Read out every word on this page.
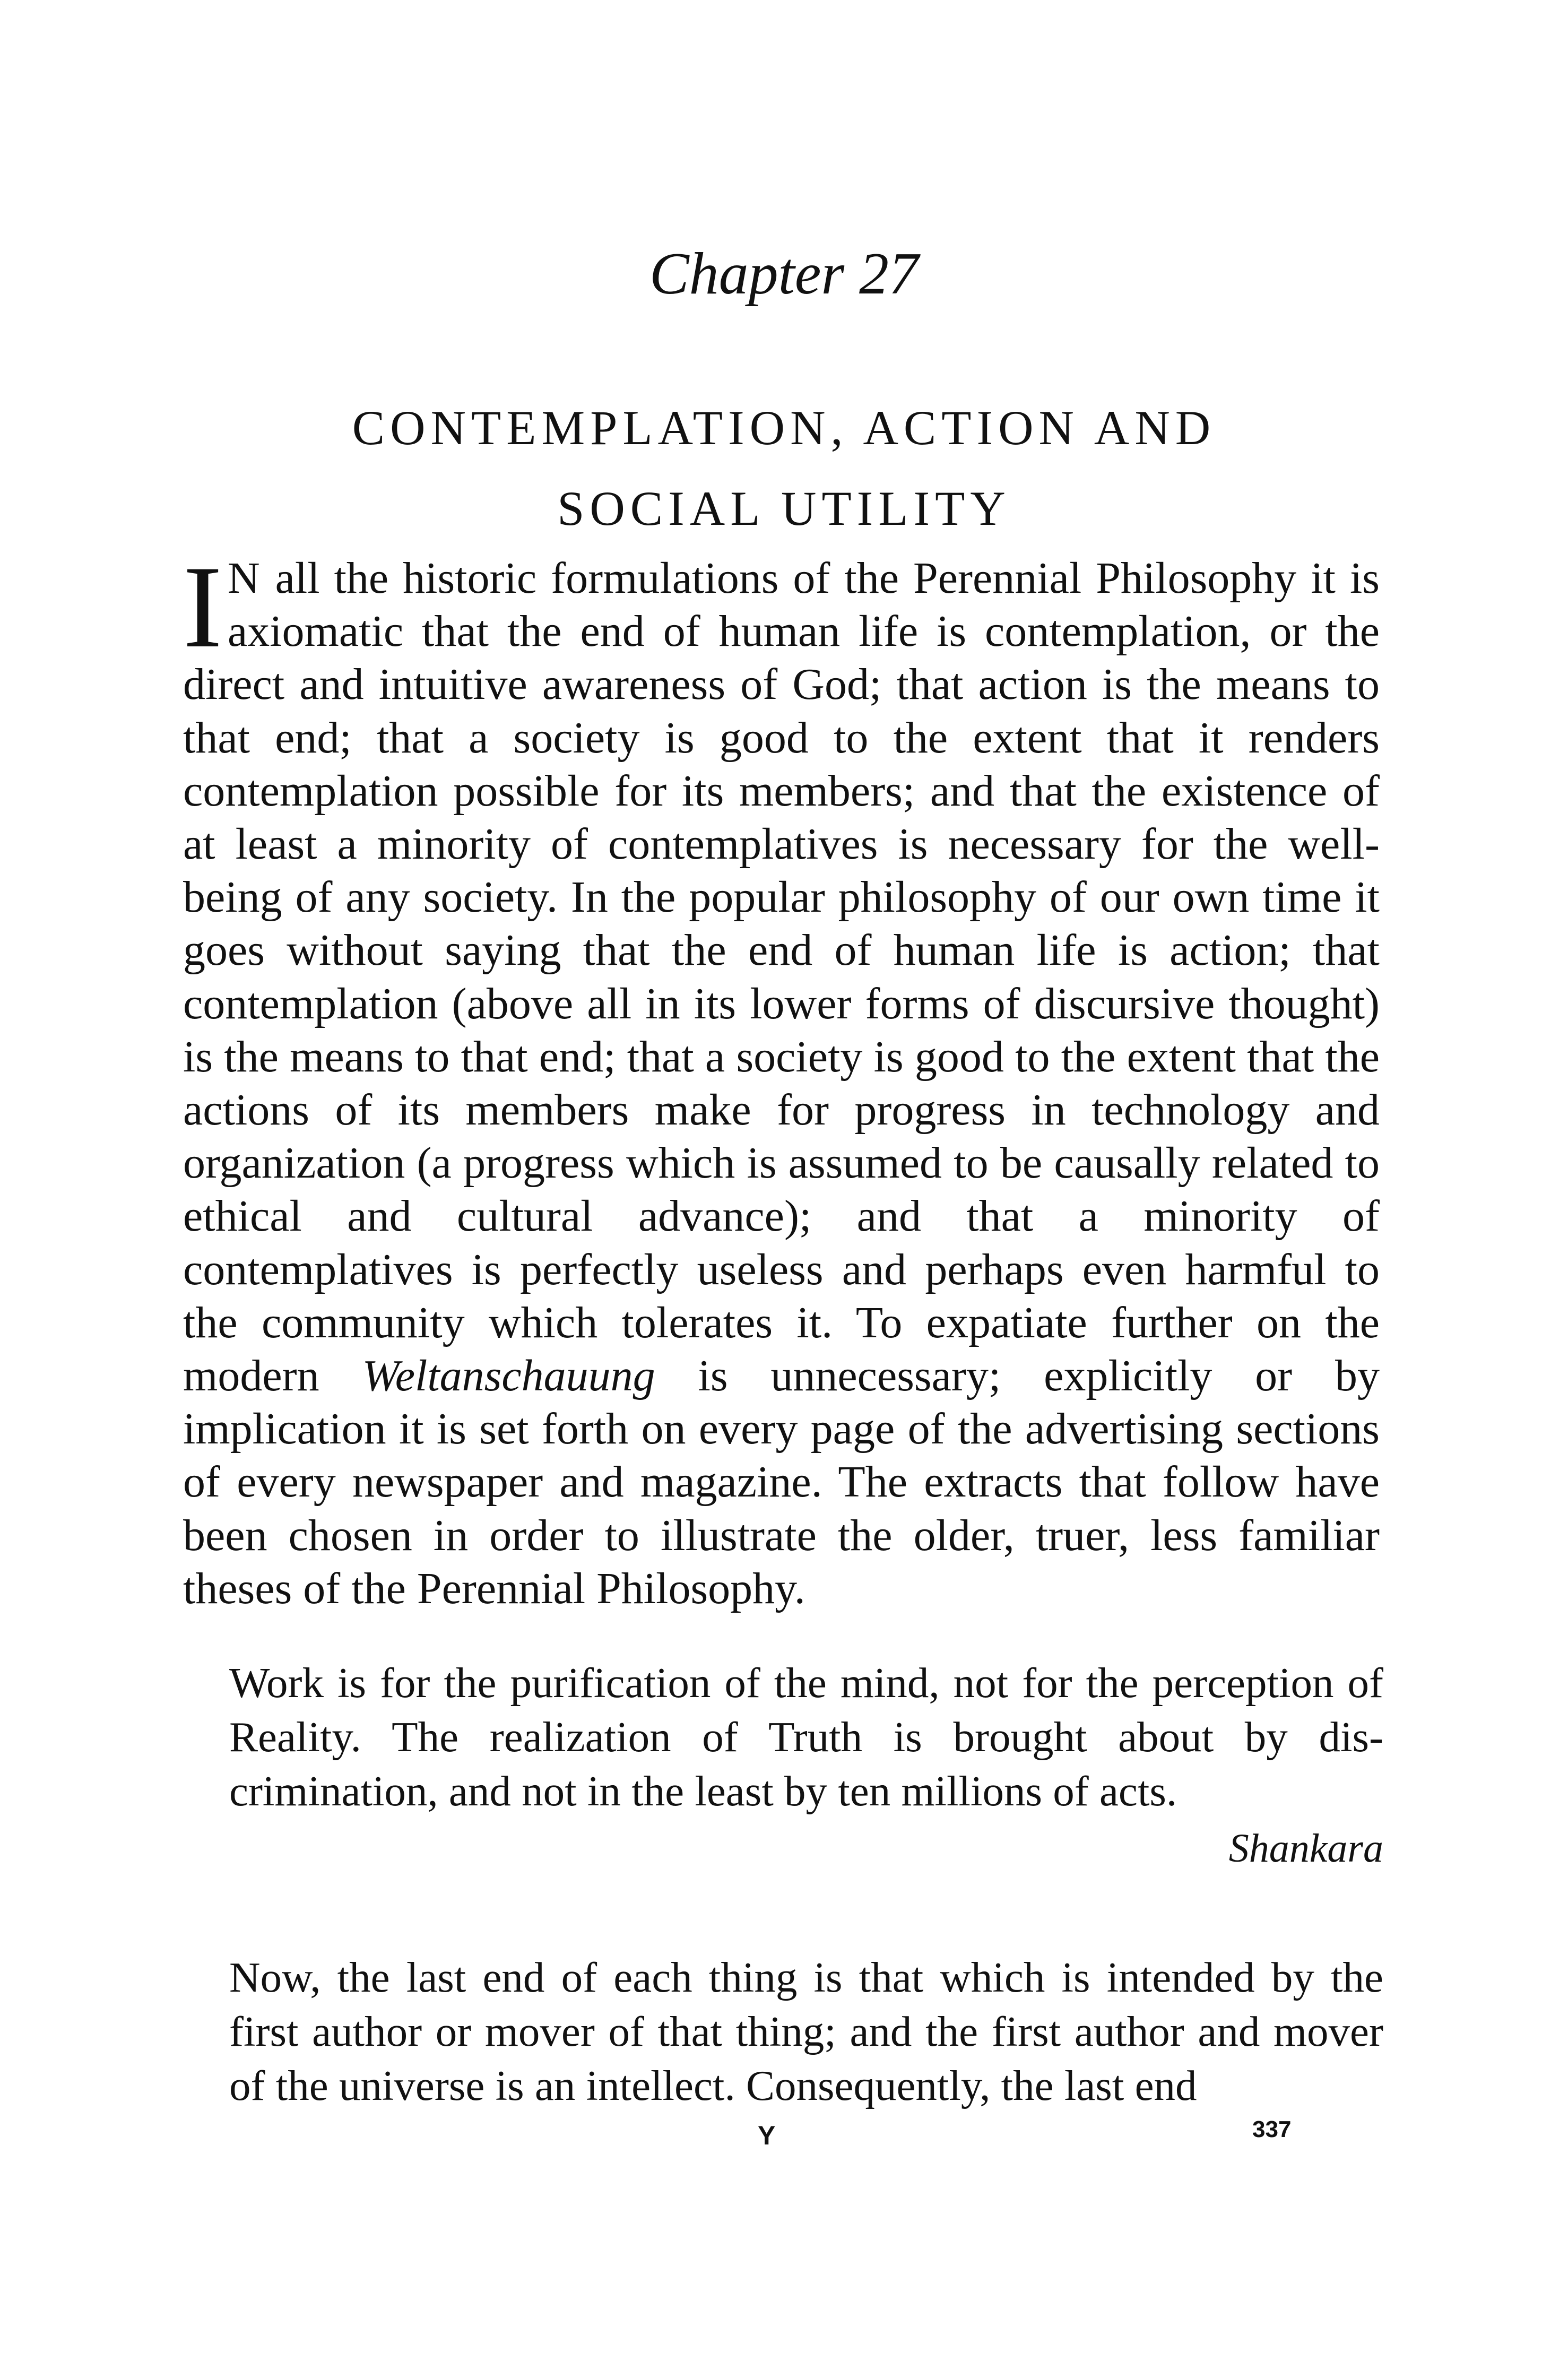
Chapter 27
CONTEMPLATION, ACTION AND
SOCIAL UTILITY
I N all the historic formulations of the Perennial Philosophy it is axiomatic that the end of human life is contemplation, or the direct and intuitive awareness of God; that action is the means to that end; that a society is good to the extent that it renders contemplation possible for its members; and that the existence of at least a minority of contemplatives is necessary for the well-being of any society. In the popular philosophy of our own time it goes without saying that the end of human life is action; that contemplation (above all in its lower forms of discursive thought) is the means to that end; that a society is good to the extent that the actions of its members make for progress in technology and organization (a progress which is assumed to be causally related to ethical and cultural advance); and that a minority of contemplatives is perfectly useless and perhaps even harmful to the community which tolerates it. To expatiate further on the modern Weltanschauung is unnecessary; explicitly or by implication it is set forth on every page of the advertising sections of every newspaper and magazine. The extracts that follow have been chosen in order to illustrate the older, truer, less familiar theses of the Perennial Philosophy.
Work is for the purification of the mind, not for the perception of Reality. The realization of Truth is brought about by discrimination, and not in the least by ten millions of acts.
Shankara
Now, the last end of each thing is that which is intended by the first author or mover of that thing; and the first author and mover of the universe is an intellect. Consequently, the last end
Y	337
